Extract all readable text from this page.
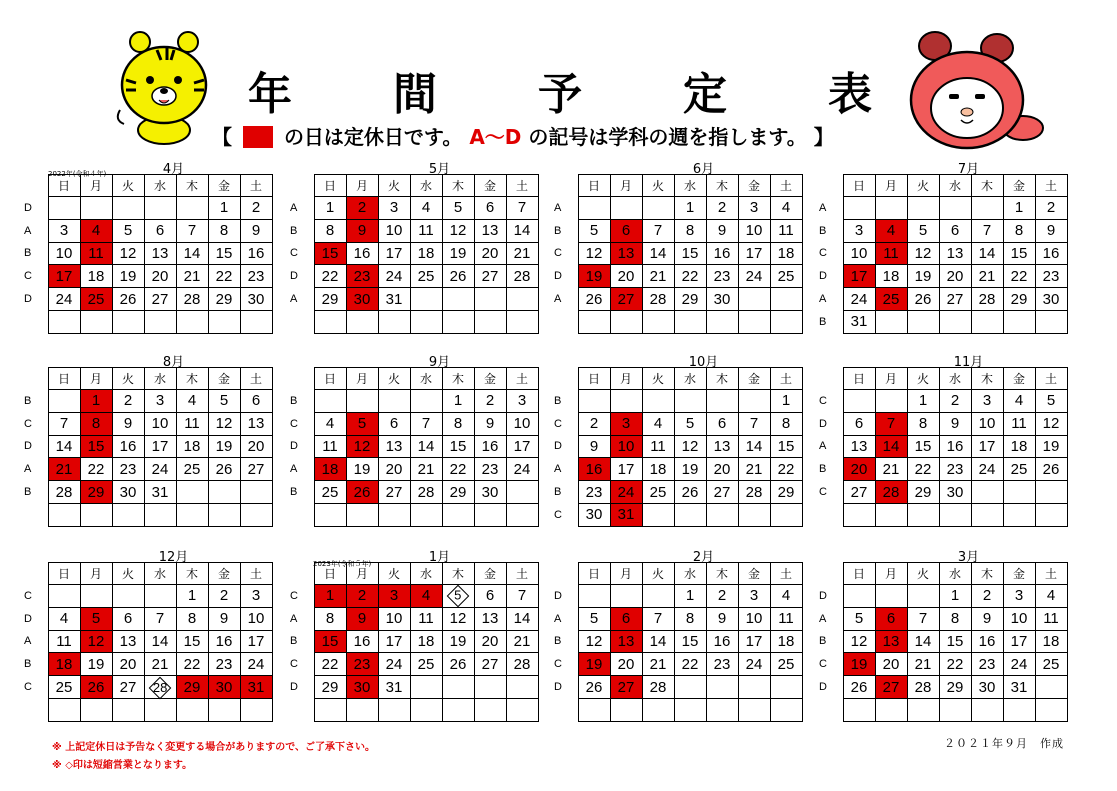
年 間 予 定 表
【	の日は定休日です。 A～D の記号は学科の週を指します。 】
2022年(令和４年)
2023年(令和５年)
4月
	日	月	火	水	木	金	土
D						1	2
A	3	4	5	6	7	8	9
B	10	11	12	13	14	15	16
C	17	18	19	20	21	22	23
D	24	25	26	27	28	29	30

5月
	日	月	火	水	木	金	土
A	1	2	3	4	5	6	7
B	8	9	10	11	12	13	14
C	15	16	17	18	19	20	21
D	22	23	24	25	26	27	28
A	29	30	31				

6月
	日	月	火	水	木	金	土
A				1	2	3	4
B	5	6	7	8	9	10	11
C	12	13	14	15	16	17	18
D	19	20	21	22	23	24	25
A	26	27	28	29	30		

7月
	日	月	火	水	木	金	土
A						1	2
B	3	4	5	6	7	8	9
C	10	11	12	13	14	15	16
D	17	18	19	20	21	22	23
A	24	25	26	27	28	29	30
B	31						
8月
	日	月	火	水	木	金	土
B		1	2	3	4	5	6
C	7	8	9	10	11	12	13
D	14	15	16	17	18	19	20
A	21	22	23	24	25	26	27
B	28	29	30	31			

9月
	日	月	火	水	木	金	土
B					1	2	3
C	4	5	6	7	8	9	10
D	11	12	13	14	15	16	17
A	18	19	20	21	22	23	24
B	25	26	27	28	29	30	

10月
	日	月	火	水	木	金	土
B							1
C	2	3	4	5	6	7	8
D	9	10	11	12	13	14	15
A	16	17	18	19	20	21	22
B	23	24	25	26	27	28	29
C	30	31					
11月
	日	月	火	水	木	金	土
C			1	2	3	4	5
D	6	7	8	9	10	11	12
A	13	14	15	16	17	18	19
B	20	21	22	23	24	25	26
C	27	28	29	30			

12月
	日	月	火	水	木	金	土
C					1	2	3
D	4	5	6	7	8	9	10
A	11	12	13	14	15	16	17
B	18	19	20	21	22	23	24
C	25	26	27	28	29	30	31

1月
	日	月	火	水	木	金	土
C	1	2	3	4	5	6	7
A	8	9	10	11	12	13	14
B	15	16	17	18	19	20	21
C	22	23	24	25	26	27	28
D	29	30	31				

2月
	日	月	火	水	木	金	土
D				1	2	3	4
A	5	6	7	8	9	10	11
B	12	13	14	15	16	17	18
C	19	20	21	22	23	24	25
D	26	27	28				

3月
	日	月	火	水	木	金	土
D				1	2	3	4
A	5	6	7	8	9	10	11
B	12	13	14	15	16	17	18
C	19	20	21	22	23	24	25
D	26	27	28	29	30	31	

※ 上記定休日は予告なく変更する場合がありますので、ご了承下さい。
※ ◇印は短縮営業となります。
２０２１年９月　作成
